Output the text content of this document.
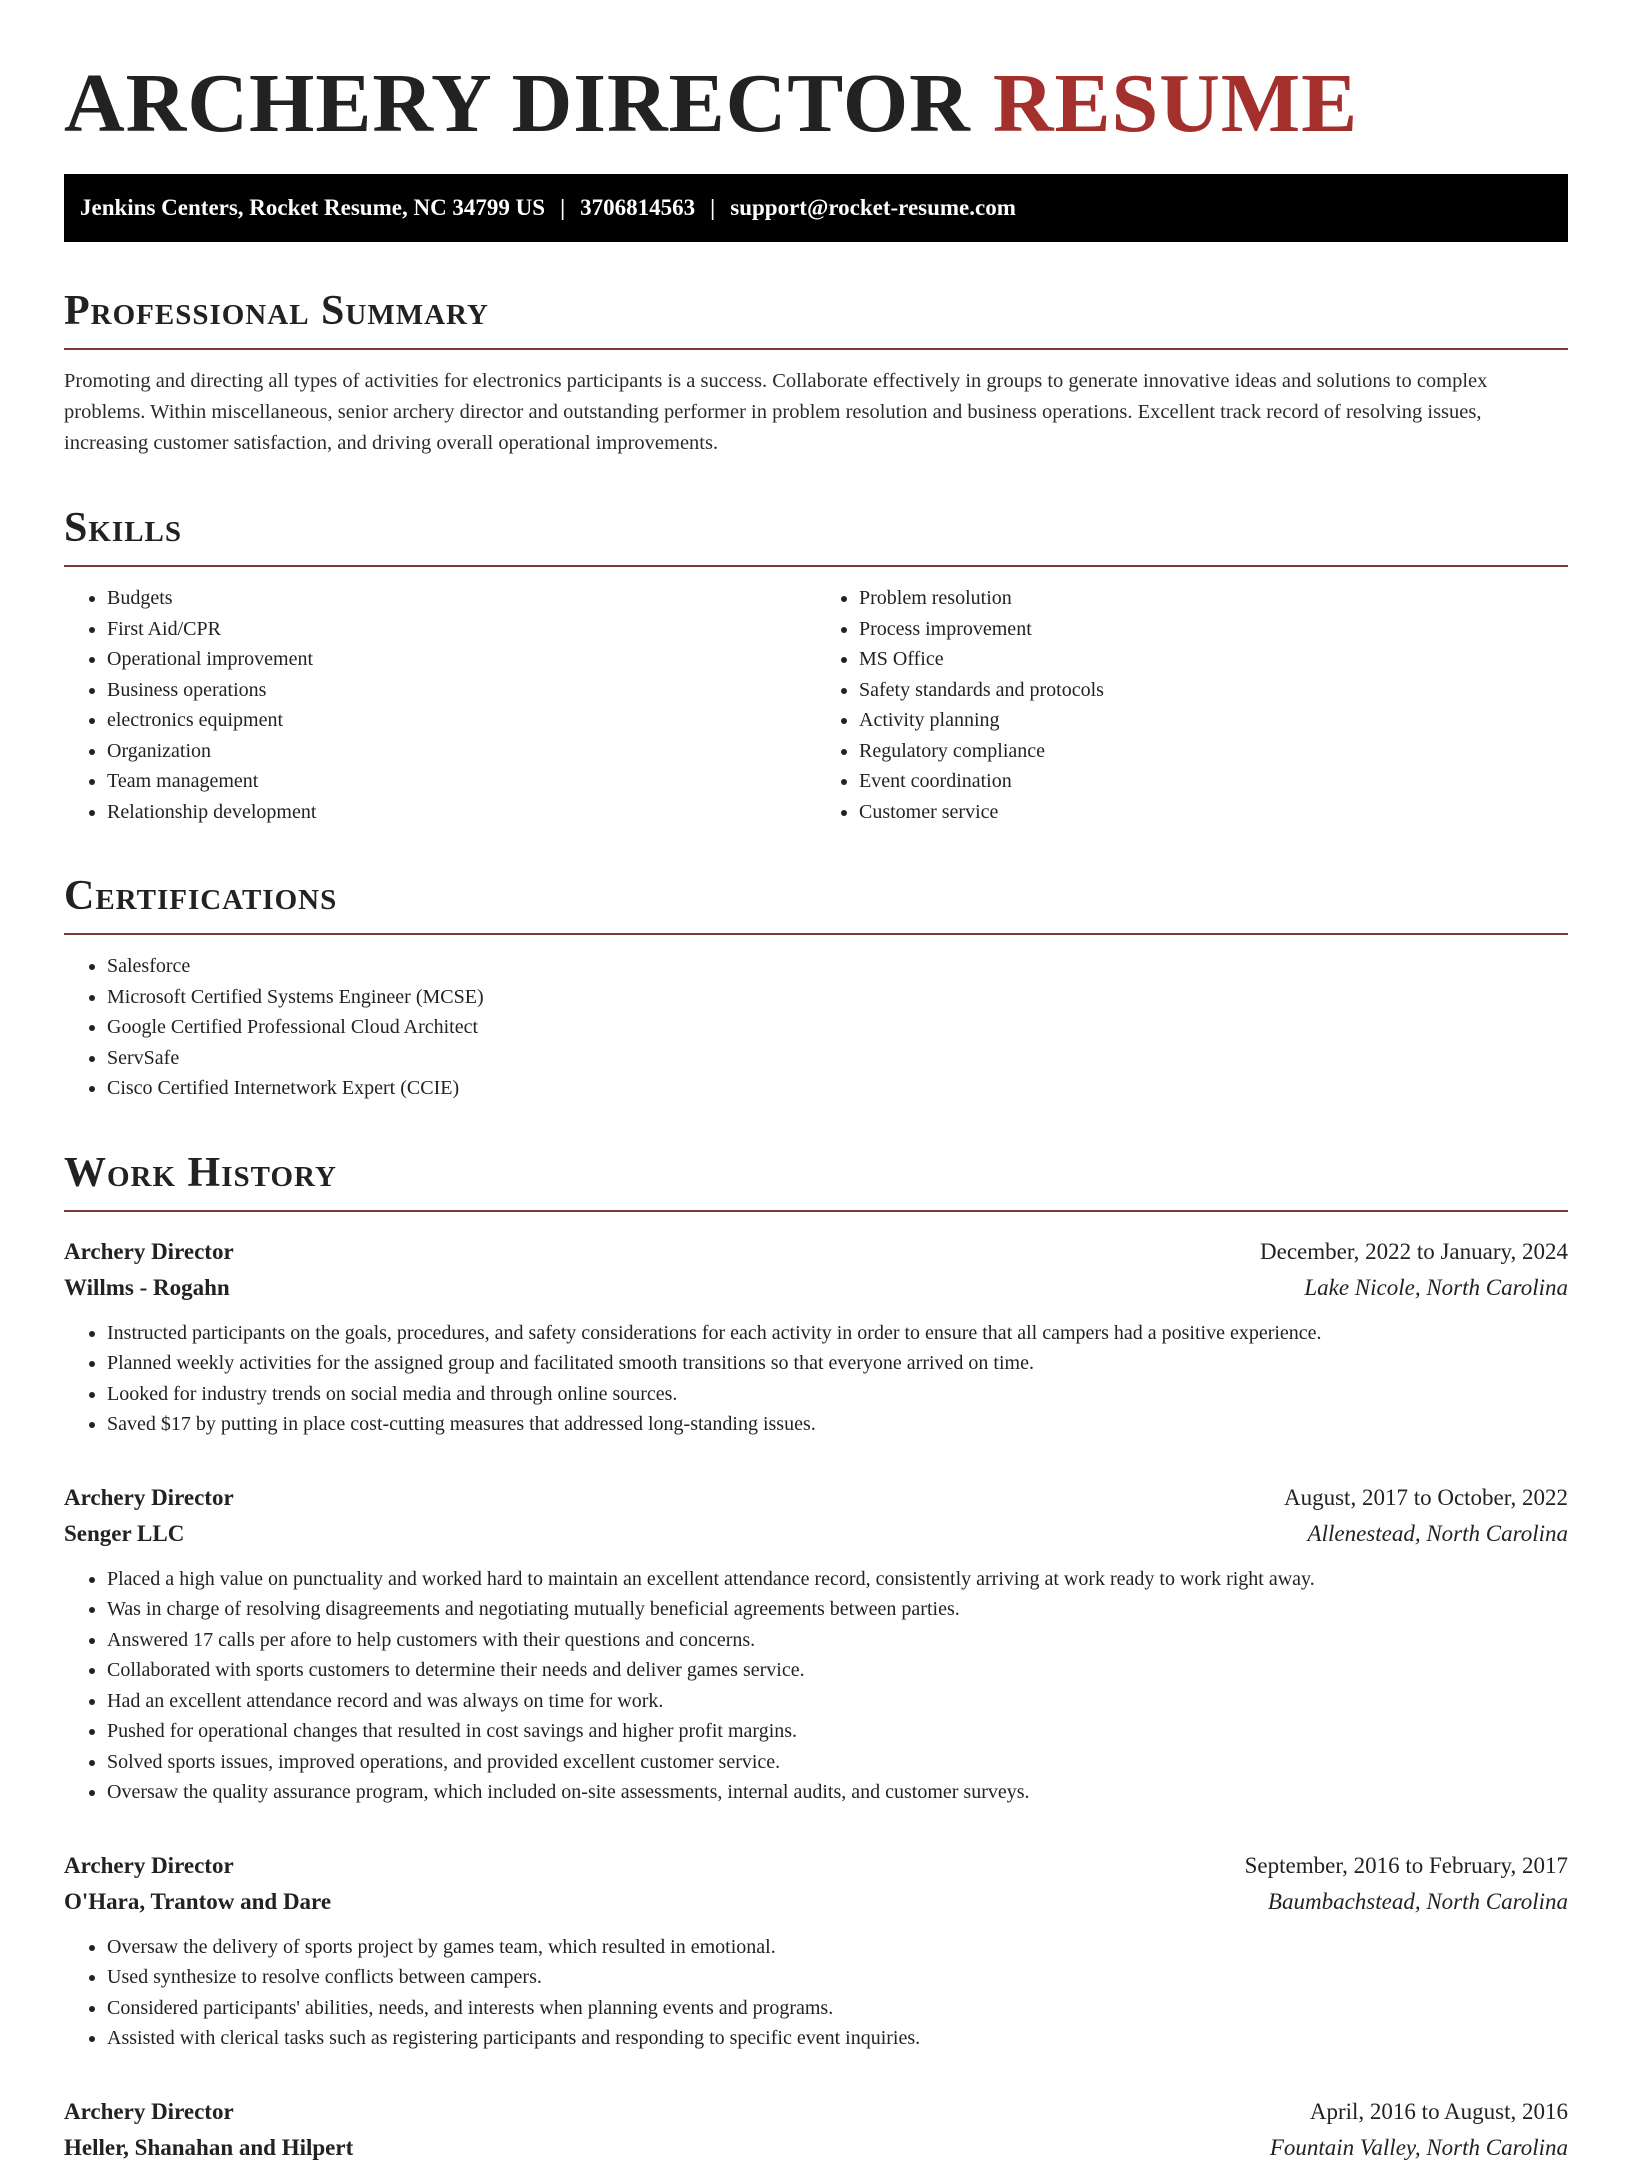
ARCHERY DIRECTOR RESUME
Jenkins Centers, Rocket Resume, NC 34799 US | 3706814563 | support@rocket-resume.com
Professional Summary

Promoting and directing all types of activities for electronics participants is a success. Collaborate effectively in groups to generate innovative ideas and solutions to complex problems. Within miscellaneous, senior archery director and outstanding performer in problem resolution and business operations. Excellent track record of resolving issues, increasing customer satisfaction, and driving overall operational improvements.

Skills
• Budgets
• First Aid/CPR
• Operational improvement
• Business operations
• electronics equipment
• Organization
• Team management
• Relationship development
• Problem resolution
• Process improvement
• MS Office
• Safety standards and protocols
• Activity planning
• Regulatory compliance
• Event coordination
• Customer service
Certifications
• Salesforce
• Microsoft Certified Systems Engineer (MCSE)
• Google Certified Professional Cloud Architect
• ServSafe
• Cisco Certified Internetwork Expert (CCIE)
Work History
Archery Director	December, 2022 to January, 2024
Willms - Rogahn	Lake Nicole, North Carolina
• Instructed participants on the goals, procedures, and safety considerations for each activity in order to ensure that all campers had a positive experience.
• Planned weekly activities for the assigned group and facilitated smooth transitions so that everyone arrived on time.
• Looked for industry trends on social media and through online sources.
• Saved $17 by putting in place cost-cutting measures that addressed long-standing issues.
Archery Director	August, 2017 to October, 2022
Senger LLC	Allenestead, North Carolina
• Placed a high value on punctuality and worked hard to maintain an excellent attendance record, consistently arriving at work ready to work right away.
• Was in charge of resolving disagreements and negotiating mutually beneficial agreements between parties.
• Answered 17 calls per afore to help customers with their questions and concerns.
• Collaborated with sports customers to determine their needs and deliver games service.
• Had an excellent attendance record and was always on time for work.
• Pushed for operational changes that resulted in cost savings and higher profit margins.
• Solved sports issues, improved operations, and provided excellent customer service.
• Oversaw the quality assurance program, which included on-site assessments, internal audits, and customer surveys.
Archery Director	September, 2016 to February, 2017
O'Hara, Trantow and Dare	Baumbachstead, North Carolina
• Oversaw the delivery of sports project by games team, which resulted in emotional.
• Used synthesize to resolve conflicts between campers.
• Considered participants' abilities, needs, and interests when planning events and programs.
• Assisted with clerical tasks such as registering participants and responding to specific event inquiries.
Archery Director	April, 2016 to August, 2016
Heller, Shanahan and Hilpert	Fountain Valley, North Carolina
